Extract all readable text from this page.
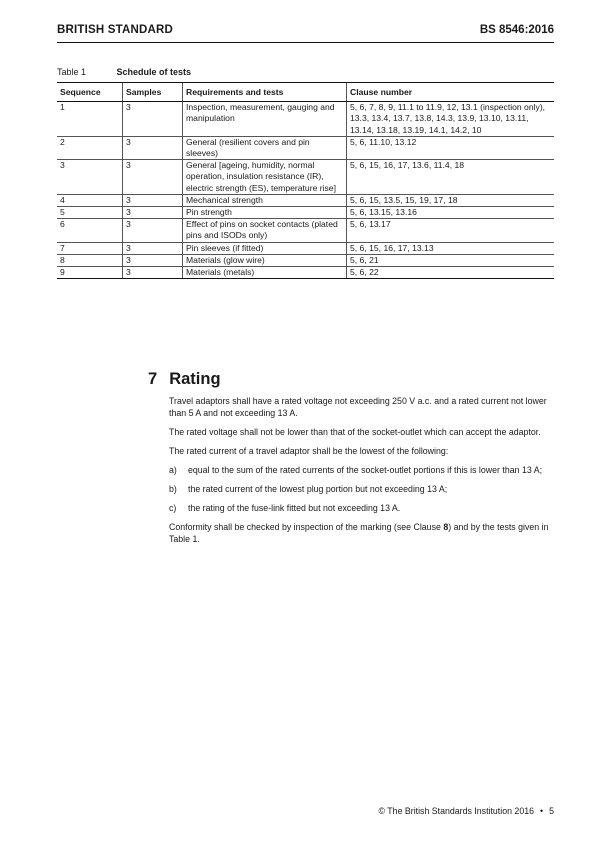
BRITISH STANDARD	BS 8546:2016
Table 1	Schedule of tests
Sequence	Samples	Requirements and tests	Clause number
1	3	Inspection, measurement, gauging and manipulation	5, 6, 7, 8, 9, 11.1 to 11.9, 12, 13.1 (inspection only), 13.3, 13.4, 13.7, 13.8, 14.3, 13.9, 13.10, 13.11, 13.14, 13.18, 13.19, 14.1, 14.2, 10
2	3	General (resilient covers and pin sleeves)	5, 6, 11.10, 13.12
3	3	General [ageing, humidity, normal operation, insulation resistance (IR), electric strength (ES), temperature rise]	5, 6, 15, 16, 17, 13.6, 11.4, 18
4	3	Mechanical strength	5, 6, 15, 13.5, 15, 19, 17, 18
5	3	Pin strength	5, 6, 13.15, 13.16
6	3	Effect of pins on socket contacts (plated pins and ISODs only)	5, 6, 13.17
7	3	Pin sleeves (if fitted)	5, 6, 15, 16, 17, 13.13
8	3	Materials (glow wire)	5, 6, 21
9	3	Materials (metals)	5, 6, 22
7 Rating

Travel adaptors shall have a rated voltage not exceeding 250 V a.c. and a rated current not lower than 5 A and not exceeding 13 A.

The rated voltage shall not be lower than that of the socket-outlet which can accept the adaptor.

The rated current of a travel adaptor shall be the lowest of the following:

a)	equal to the sum of the rated currents of the socket-outlet portions if this is lower than 13 A;
b)	the rated current of the lowest plug portion but not exceeding 13 A;
c)	the rating of the fuse-link fitted but not exceeding 13 A.

Conformity shall be checked by inspection of the marking (see Clause 8) and by the tests given in Table 1.

© The British Standards Institution 2016 • 5
